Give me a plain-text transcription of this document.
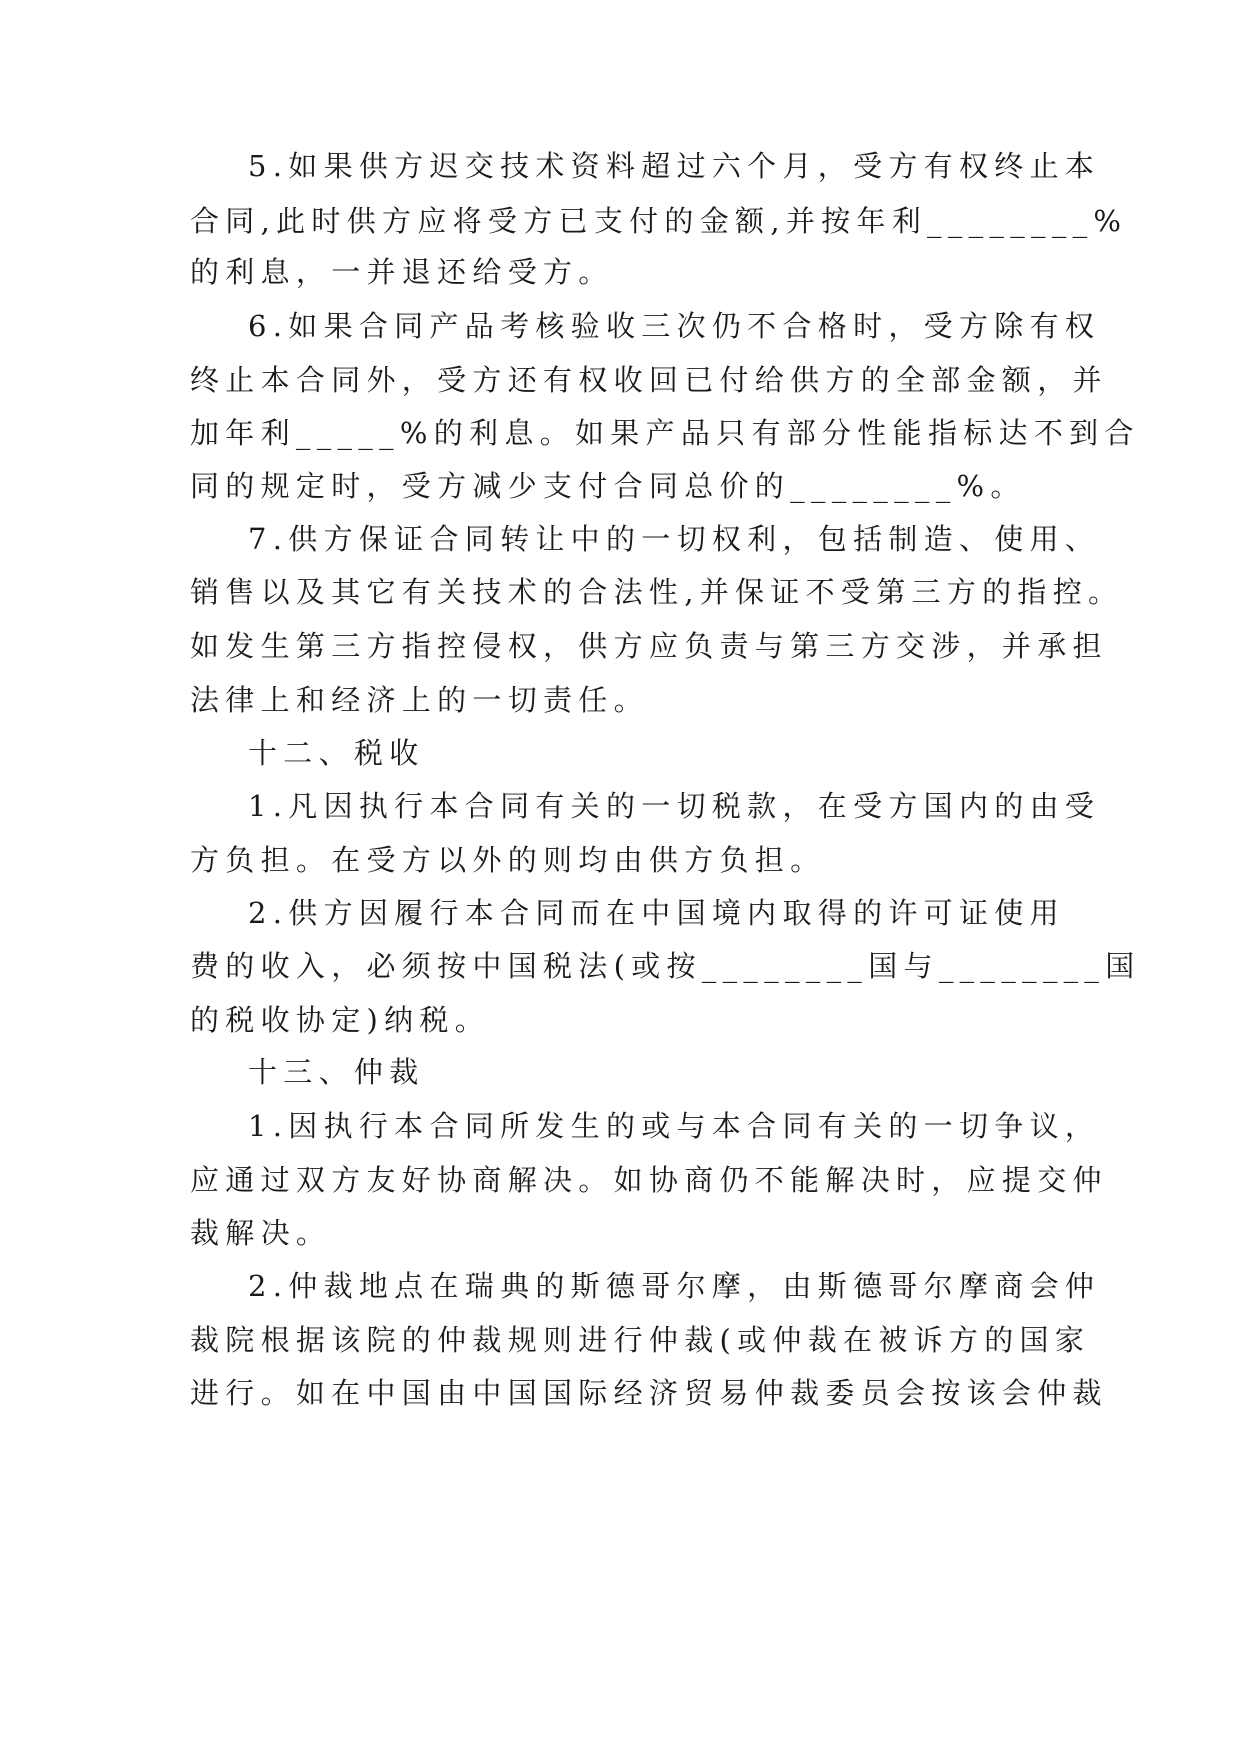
5.如果供方迟交技术资料超过六个月，受方有权终止本
合同,此时供方应将受方已支付的金额,并按年利________%
的利息，一并退还给受方。
6.如果合同产品考核验收三次仍不合格时，受方除有权
终止本合同外，受方还有权收回已付给供方的全部金额，并
加年利_____%的利息。如果产品只有部分性能指标达不到合
同的规定时，受方减少支付合同总价的________%。
7.供方保证合同转让中的一切权利，包括制造、使用、
销售以及其它有关技术的合法性,并保证不受第三方的指控。
如发生第三方指控侵权，供方应负责与第三方交涉，并承担
法律上和经济上的一切责任。
十二、税收
1.凡因执行本合同有关的一切税款，在受方国内的由受
方负担。在受方以外的则均由供方负担。
2.供方因履行本合同而在中国境内取得的许可证使用
费的收入，必须按中国税法(或按________国与________国
的税收协定)纳税。
十三、仲裁
1.因执行本合同所发生的或与本合同有关的一切争议，
应通过双方友好协商解决。如协商仍不能解决时，应提交仲
裁解决。
2.仲裁地点在瑞典的斯德哥尔摩，由斯德哥尔摩商会仲
裁院根据该院的仲裁规则进行仲裁(或仲裁在被诉方的国家
进行。如在中国由中国国际经济贸易仲裁委员会按该会仲裁
